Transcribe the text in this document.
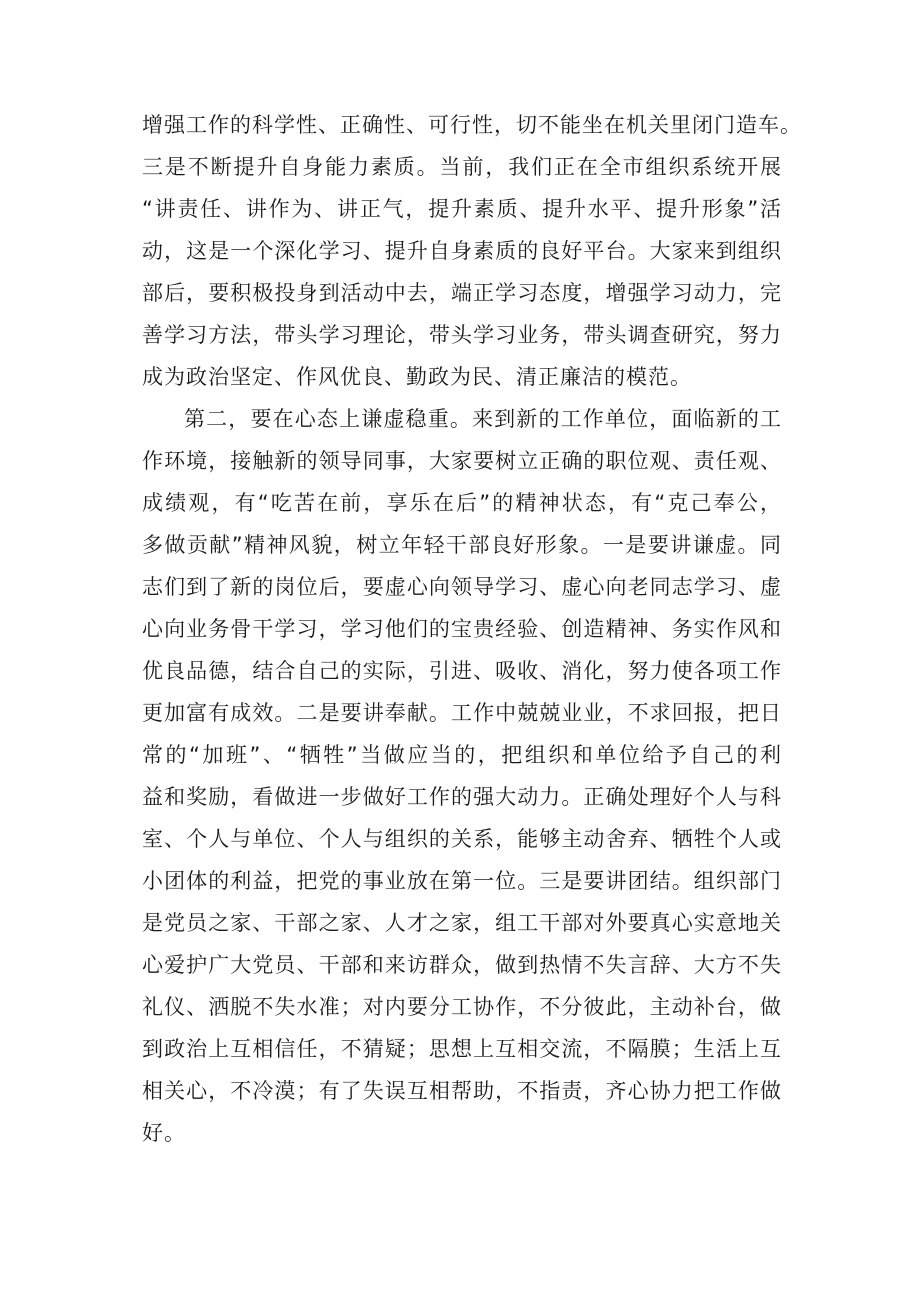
增强工作的科学性、正确性、可行性，切不能坐在机关里闭门造车。
三是不断提升自身能力素质。当前，我们正在全市组织系统开展
“讲责任、讲作为、讲正气，提升素质、提升水平、提升形象”活
动，这是一个深化学习、提升自身素质的良好平台。大家来到组织
部后，要积极投身到活动中去，端正学习态度，增强学习动力，完
善学习方法，带头学习理论，带头学习业务，带头调查研究，努力
成为政治坚定、作风优良、勤政为民、清正廉洁的模范。
第二，要在心态上谦虚稳重。来到新的工作单位，面临新的工
作环境，接触新的领导同事，大家要树立正确的职位观、责任观、
成绩观，有“吃苦在前，享乐在后”的精神状态，有“克己奉公，
多做贡献”精神风貌，树立年轻干部良好形象。一是要讲谦虚。同
志们到了新的岗位后，要虚心向领导学习、虚心向老同志学习、虚
心向业务骨干学习，学习他们的宝贵经验、创造精神、务实作风和
优良品德，结合自己的实际，引进、吸收、消化，努力使各项工作
更加富有成效。二是要讲奉献。工作中兢兢业业，不求回报，把日
常的“加班”、“牺牲”当做应当的，把组织和单位给予自己的利
益和奖励，看做进一步做好工作的强大动力。正确处理好个人与科
室、个人与单位、个人与组织的关系，能够主动舍弃、牺牲个人或
小团体的利益，把党的事业放在第一位。三是要讲团结。组织部门
是党员之家、干部之家、人才之家，组工干部对外要真心实意地关
心爱护广大党员、干部和来访群众，做到热情不失言辞、大方不失
礼仪、洒脱不失水准；对内要分工协作，不分彼此，主动补台，做
到政治上互相信任，不猜疑；思想上互相交流，不隔膜；生活上互
相关心，不冷漠；有了失误互相帮助，不指责，齐心协力把工作做
好。
